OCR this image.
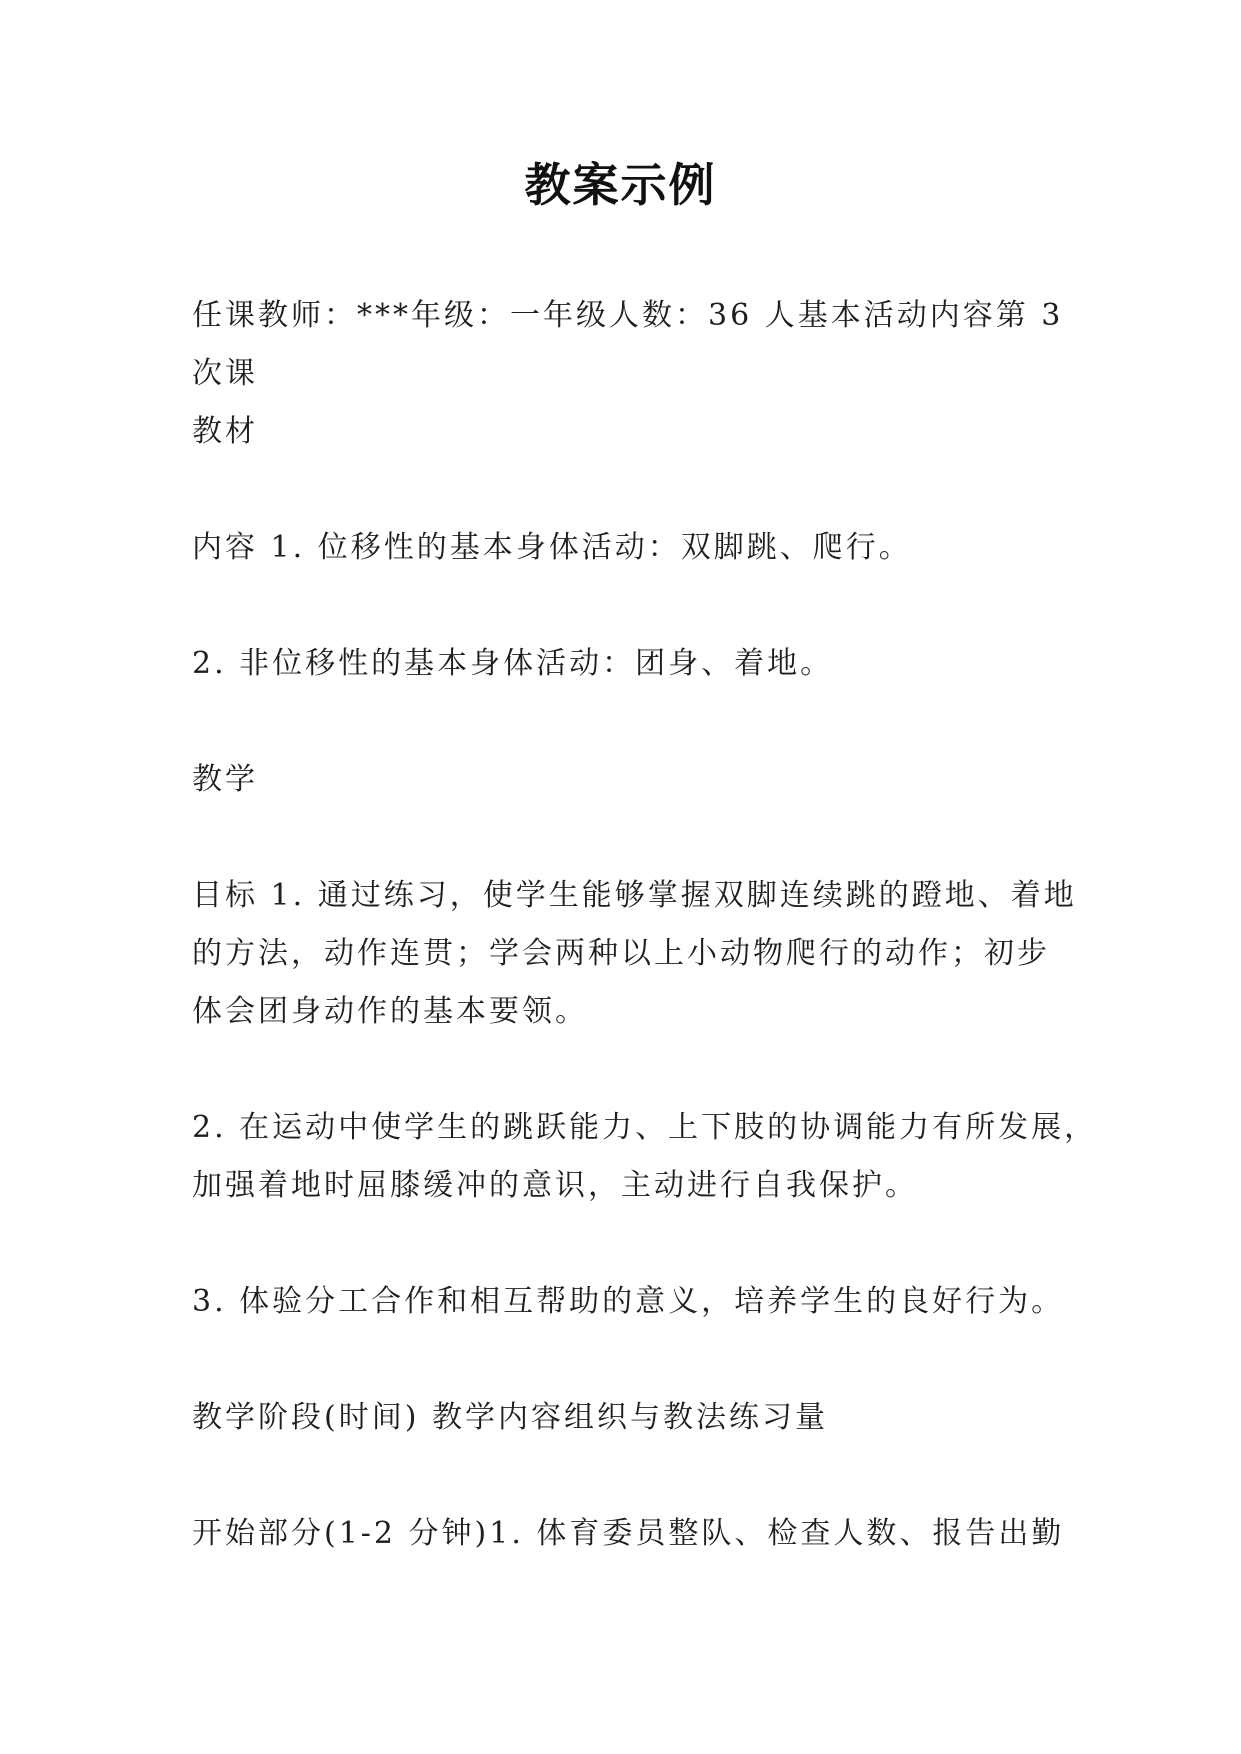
教案示例
任课教师：***年级：一年级人数：36 人基本活动内容第 3
次课
教材
内容 1. 位移性的基本身体活动：双脚跳、爬行。
2. 非位移性的基本身体活动：团身、着地。
教学
目标 1. 通过练习，使学生能够掌握双脚连续跳的蹬地、着地
的方法，动作连贯；学会两种以上小动物爬行的动作；初步
体会团身动作的基本要领。
2. 在运动中使学生的跳跃能力、上下肢的协调能力有所发展，
加强着地时屈膝缓冲的意识，主动进行自我保护。
3. 体验分工合作和相互帮助的意义，培养学生的良好行为。
教学阶段(时间) 教学内容组织与教法练习量
开始部分(1-2 分钟)1. 体育委员整队、检查人数、报告出勤
